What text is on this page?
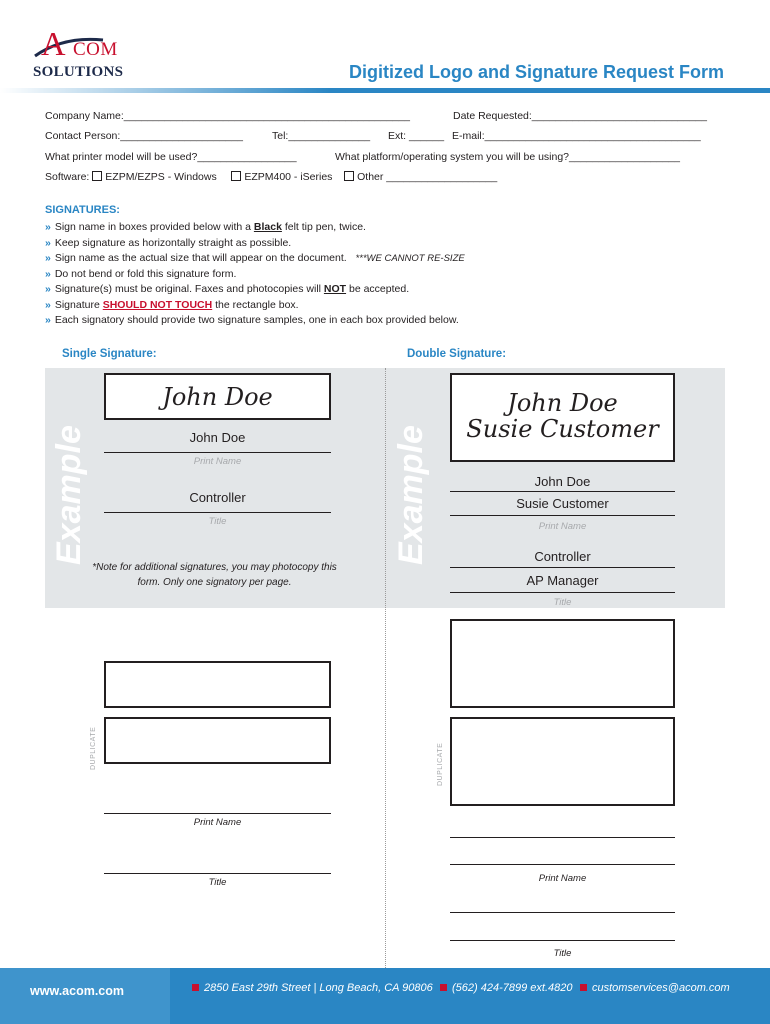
A COM
SOLUTIONS	Digitized Logo and Signature Request Form
Company Name:_________________________________________________	Date Requested:______________________________
Contact Person:_____________________	Tel:______________ Ext: ______ E-mail:_____________________________________
What printer model will be used?_________________	What platform/operating system you will be using?___________________
Software: EZPM/EZPS - Windows	EZPM400 - iSeries Other ___________________
SIGNATURES:
» Sign name in boxes provided below with a Black felt tip pen, twice.
» Keep signature as horizontally straight as possible.
» Sign name as the actual size that will appear on the document. ***WE CANNOT RE-SIZE
» Do not bend or fold this signature form.
» Signature(s) must be original. Faxes and photocopies will NOT be accepted.
» Signature SHOULD NOT TOUCH the rectangle box.
» Each signatory should provide two signature samples, one in each box provided below.
Single Signature:	Double Signature:
Example	Example
John Doe
John Doe
Print Name
Controller
Title
*Note for additional signatures, you may photocopy this form. Only one signatory per page.
John Doe
Susie Customer
John Doe
Susie Customer
Print Name
Controller
AP Manager
Title
DUPLICATE
Print Name
Title
DUPLICATE
Print Name
Title
www.acom.com	2850 East 29th Street | Long Beach, CA 90806	(562) 424-7899 ext.4820	customservices@acom.com
